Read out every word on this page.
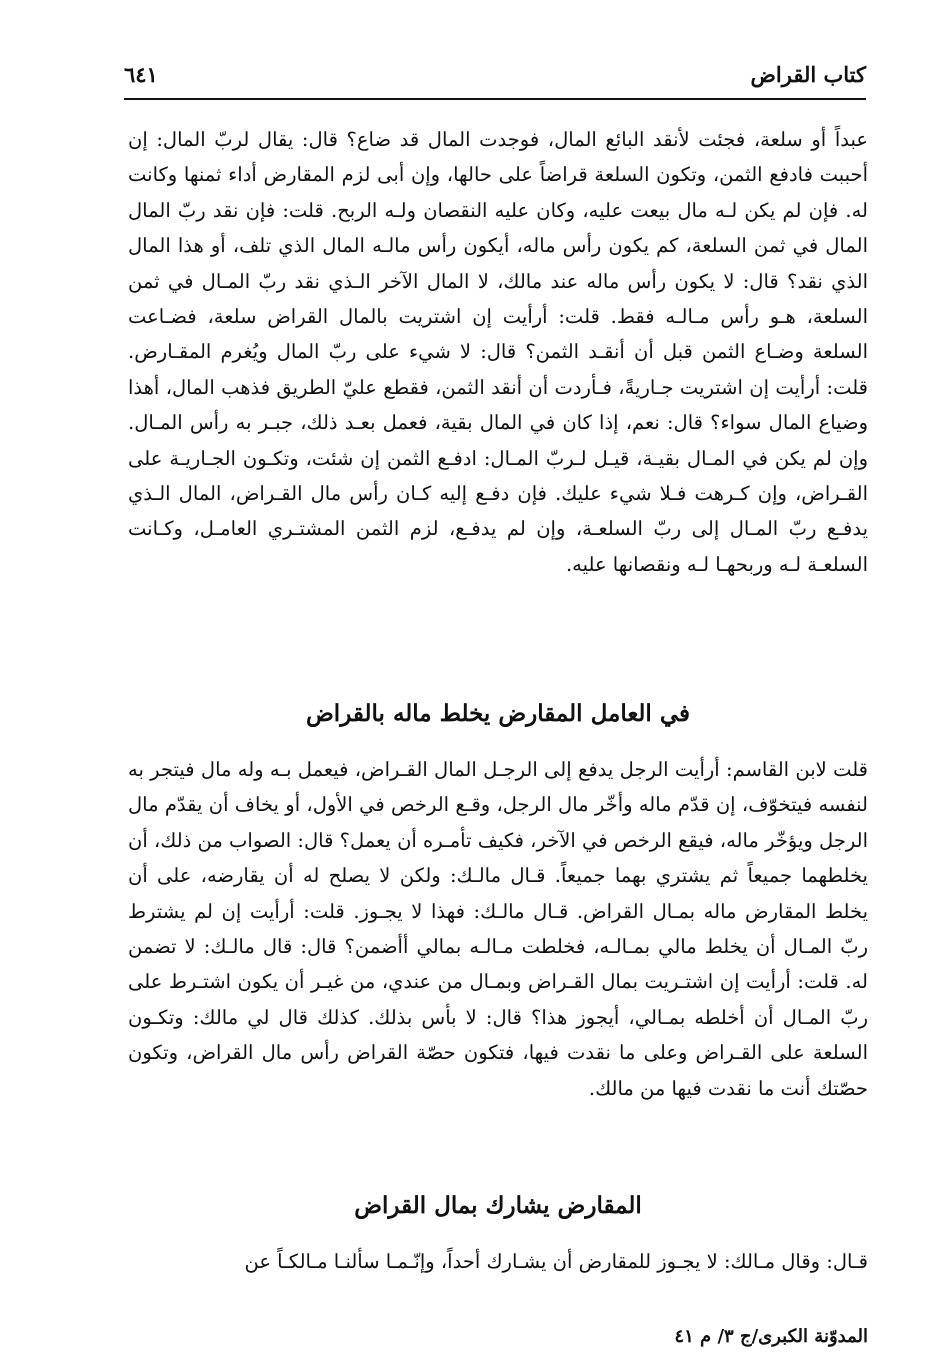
كتاب القراض
٦٤١
عبداً أو سلعة، فجئت لأنقد البائع المال، فوجدت المال قد ضاع؟ قال: يقال لربّ المال: إن أحببت فادفع الثمن، وتكون السلعة قراضاً على حالها، وإن أبى لزم المقارض أداء ثمنها وكانت له. فإن لم يكن لـه مال بيعت عليه، وكان عليه النقصان ولـه الربح. قلت: فإن نقد ربّ المال المال في ثمن السلعة، كم يكون رأس ماله، أيكون رأس مالـه المال الذي تلف، أو هذا المال الذي نقد؟ قال: لا يكون رأس ماله عند مالك، لا المال الآخر الـذي نقد ربّ المـال في ثمن السلعة، هـو رأس مـالـه فقط. قلت: أرأيت إن اشتريت بالمال القراض سلعة، فضـاعت السلعة وضـاع الثمن قبل أن أنقـد الثمن؟ قال: لا شيء على ربّ المال ويُغرم المقـارض. قلت: أرأيت إن اشتريت جـاريةً، فـأردت أن أنقد الثمن، فقطع عليّ الطريق فذهب المال، أهذا وضياع المال سواء؟ قال: نعم، إذا كان في المال بقية، فعمل بعـد ذلك، جبـر به رأس المـال. وإن لم يكن في المـال بقيـة، قيـل لـربّ المـال: ادفـع الثمن إن شئت، وتكـون الجـاريـة على القـراض، وإن كـرهت فـلا شيء عليك. فإن دفـع إليه كـان رأس مال القـراض، المال الـذي يدفـع ربّ المـال إلى ربّ السلعـة، وإن لم يدفـع، لزم الثمن المشتـري العامـل، وكـانت السلعـة لـه وربحهـا لـه ونقصانها عليه.
في العامل المقارض يخلط ماله بالقراض
قلت لابن القاسم: أرأيت الرجل يدفع إلى الرجـل المال القـراض، فيعمل بـه وله مال فيتجر به لنفسه فيتخوّف، إن قدّم ماله وأخّر مال الرجل، وقـع الرخص في الأول، أو يخاف أن يقدّم مال الرجل ويؤخّر ماله، فيقع الرخص في الآخر، فكيف تأمـره أن يعمل؟ قال: الصواب من ذلك، أن يخلطهما جميعاً ثم يشتري بهما جميعاً. قـال مالـك: ولكن لا يصلح له أن يقارضه، على أن يخلط المقارض ماله بمـال القراض. قـال مالـك: فهذا لا يجـوز. قلت: أرأيت إن لم يشترط ربّ المـال أن يخلط مالي بمـالـه، فخلطت مـالـه بمالي أأضمن؟ قال: قال مالـك: لا تضمن له. قلت: أرأيت إن اشتـريت بمال القـراض وبمـال من عندي، من غيـر أن يكون اشتـرط على ربّ المـال أن أخلطه بمـالي، أيجوز هذا؟ قال: لا بأس بذلك. كذلك قال لي مالك: وتكـون السلعة على القـراض وعلى ما نقدت فيها، فتكون حصّة القراض رأس مال القراض، وتكون حصّتك أنت ما نقدت فيها من مالك.
المقارض يشارك بمال القراض
قـال: وقال مـالك: لا يجـوز للمقارض أن يشـارك أحداً، وإنّـمـا سألنـا مـالكـاً عن
المدوّنة الكبرى/ج ٣/ م ٤١
